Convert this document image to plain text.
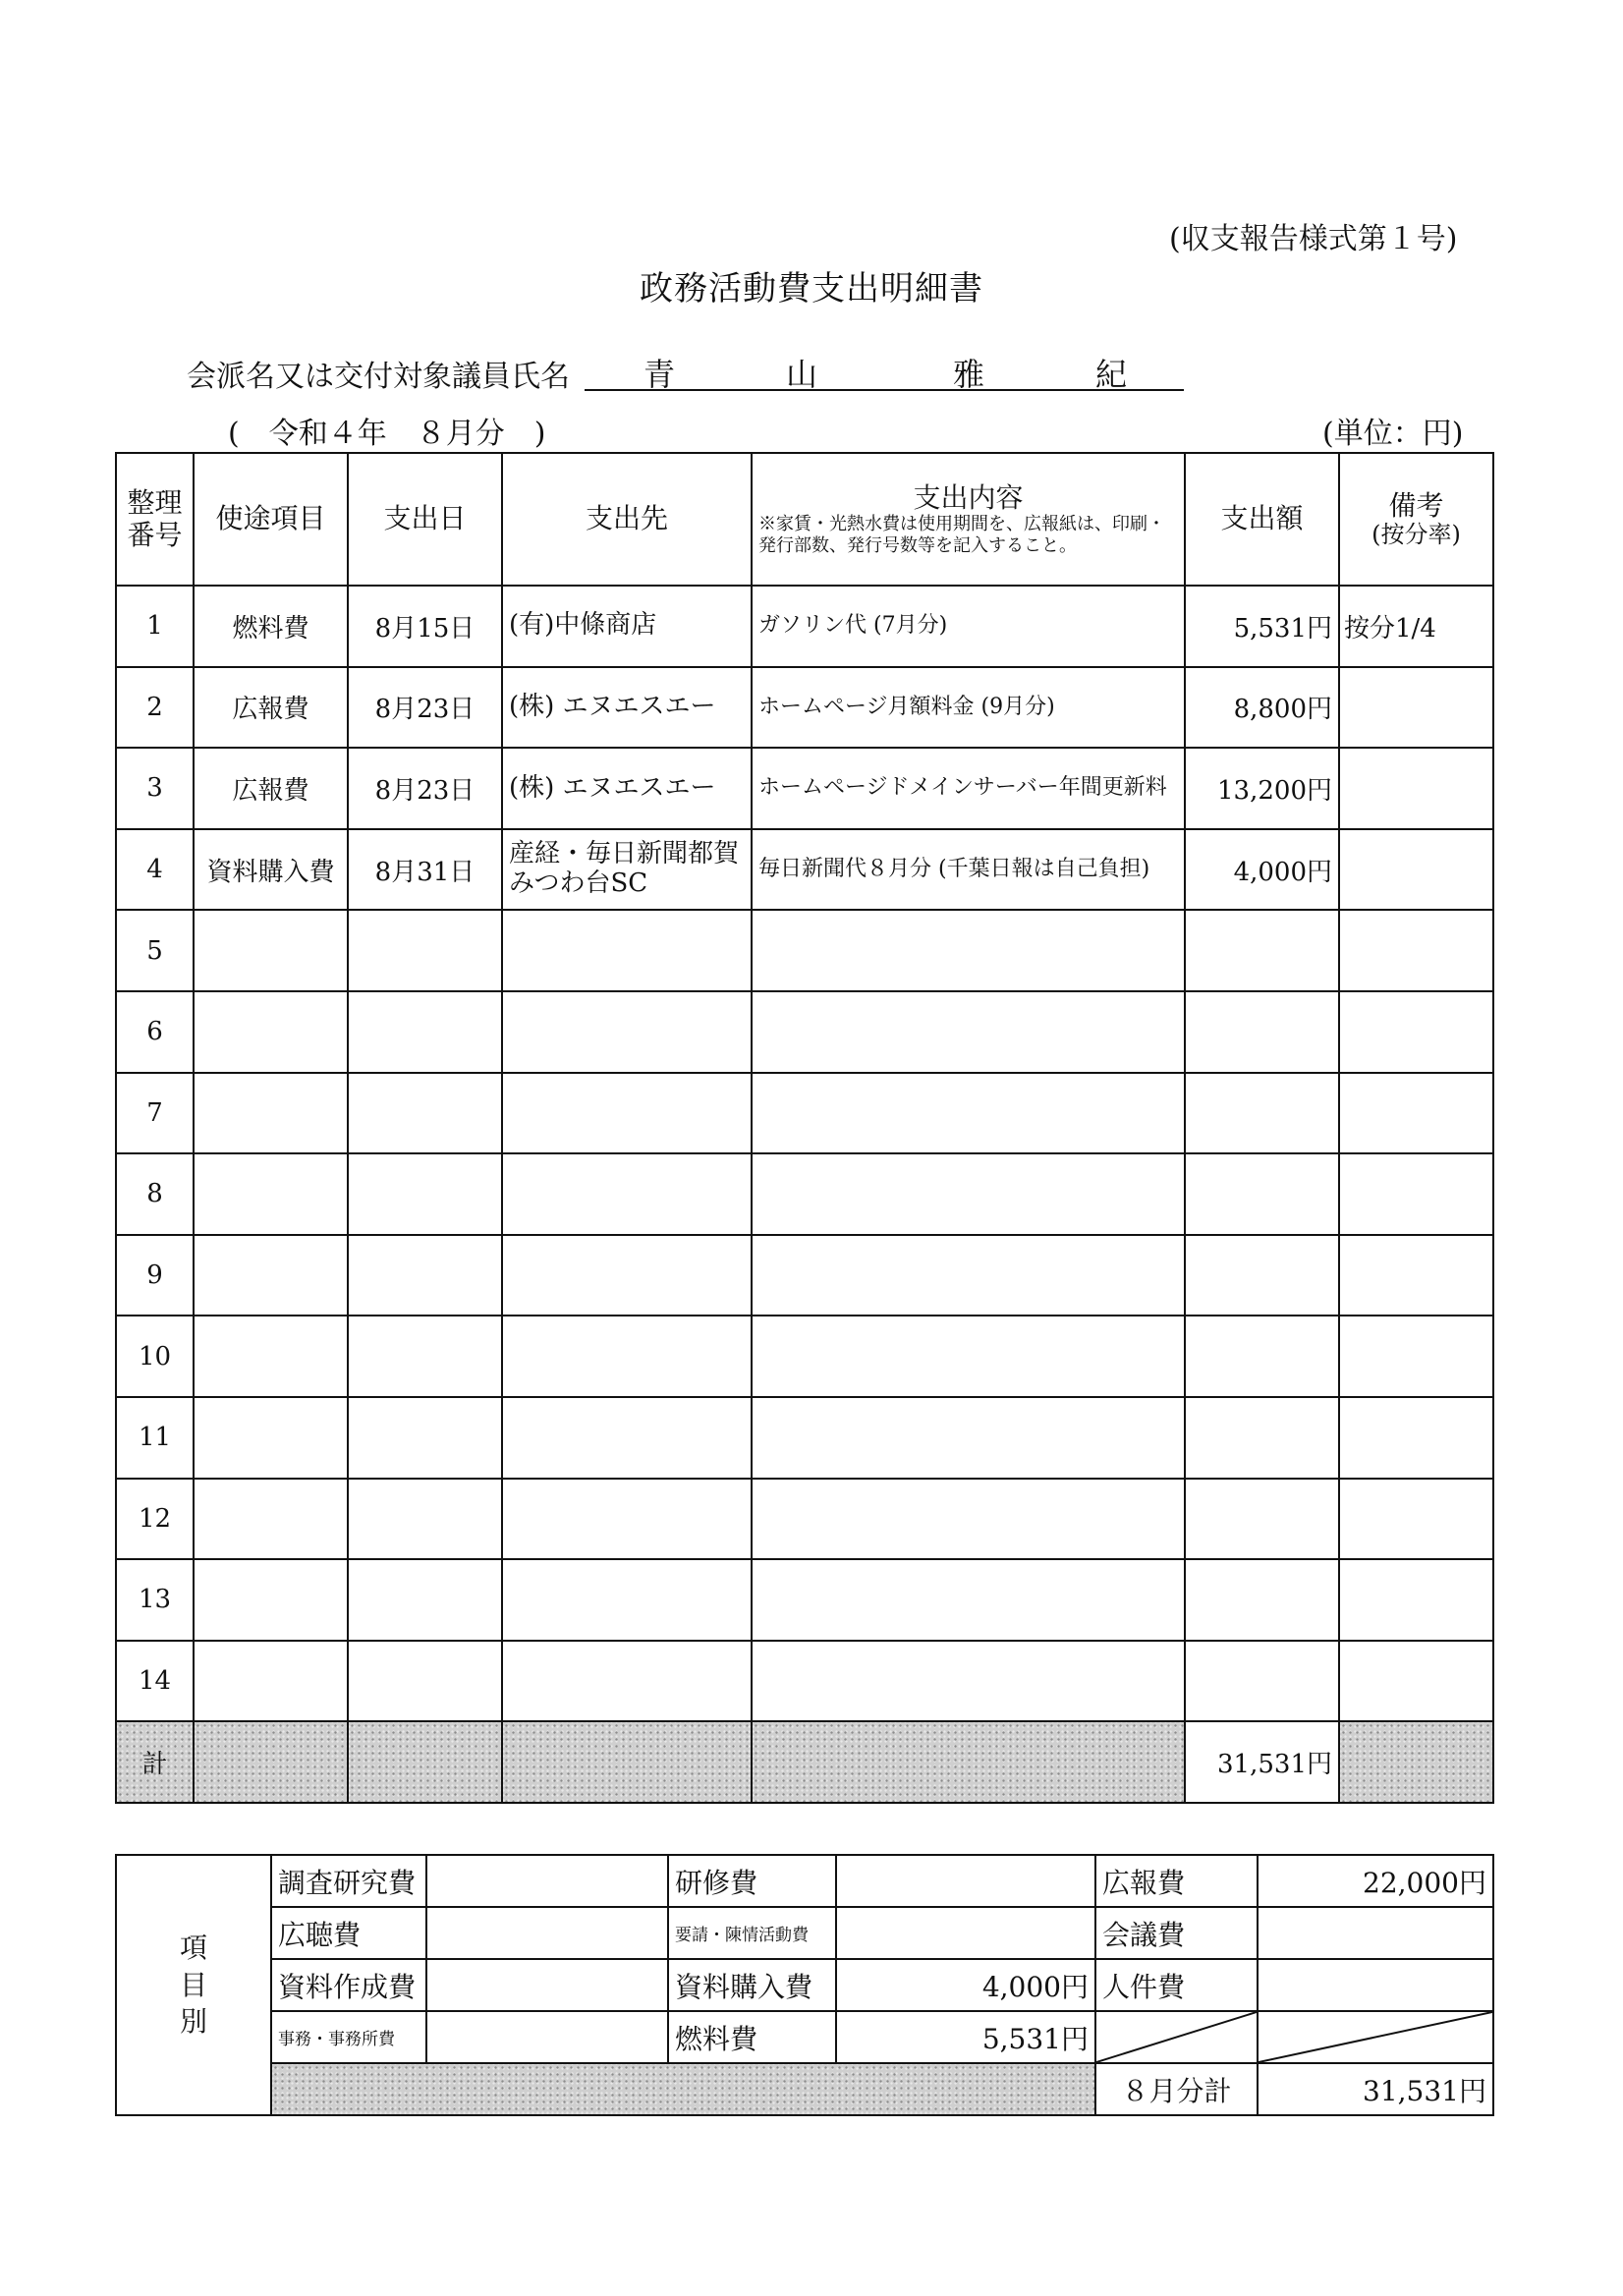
(収支報告様式第１号)
政務活動費支出明細書
会派名又は交付対象議員氏名 青	山	雅	紀
(　令和４年　８月分　)	(単位：円)
整理番号	使途項目	支出日	支出先	支出内容
※家賃・光熱水費は使用期間を、広報紙は、印刷・発行部数、発行号数等を記入すること。	支出額	備考
(按分率)

1	燃料費	8月15日	(有)中條商店	ガソリン代 (7月分)	5,531円	按分1/4
2	広報費	8月23日	(株) エヌエスエー	ホームページ月額料金 (9月分)	8,800円	
3	広報費	8月23日	(株) エヌエスエー	ホームページドメインサーバー年間更新料	13,200円	
4	資料購入費	8月31日	産経・毎日新聞都賀みつわ台SC	毎日新聞代８月分 (千葉日報は自己負担)	4,000円	
5						
6						
7						
8						
9						
10						
11						
12						
13						
14						
計					31,531円	
項
目
別	調査研究費		研修費		広報費	22,000円
	広聴費		要請・陳情活動費		会議費	
	資料作成費		資料購入費	4,000円	人件費	
	事務・事務所費		燃料費	5,531円	

					８月分計	31,531円
